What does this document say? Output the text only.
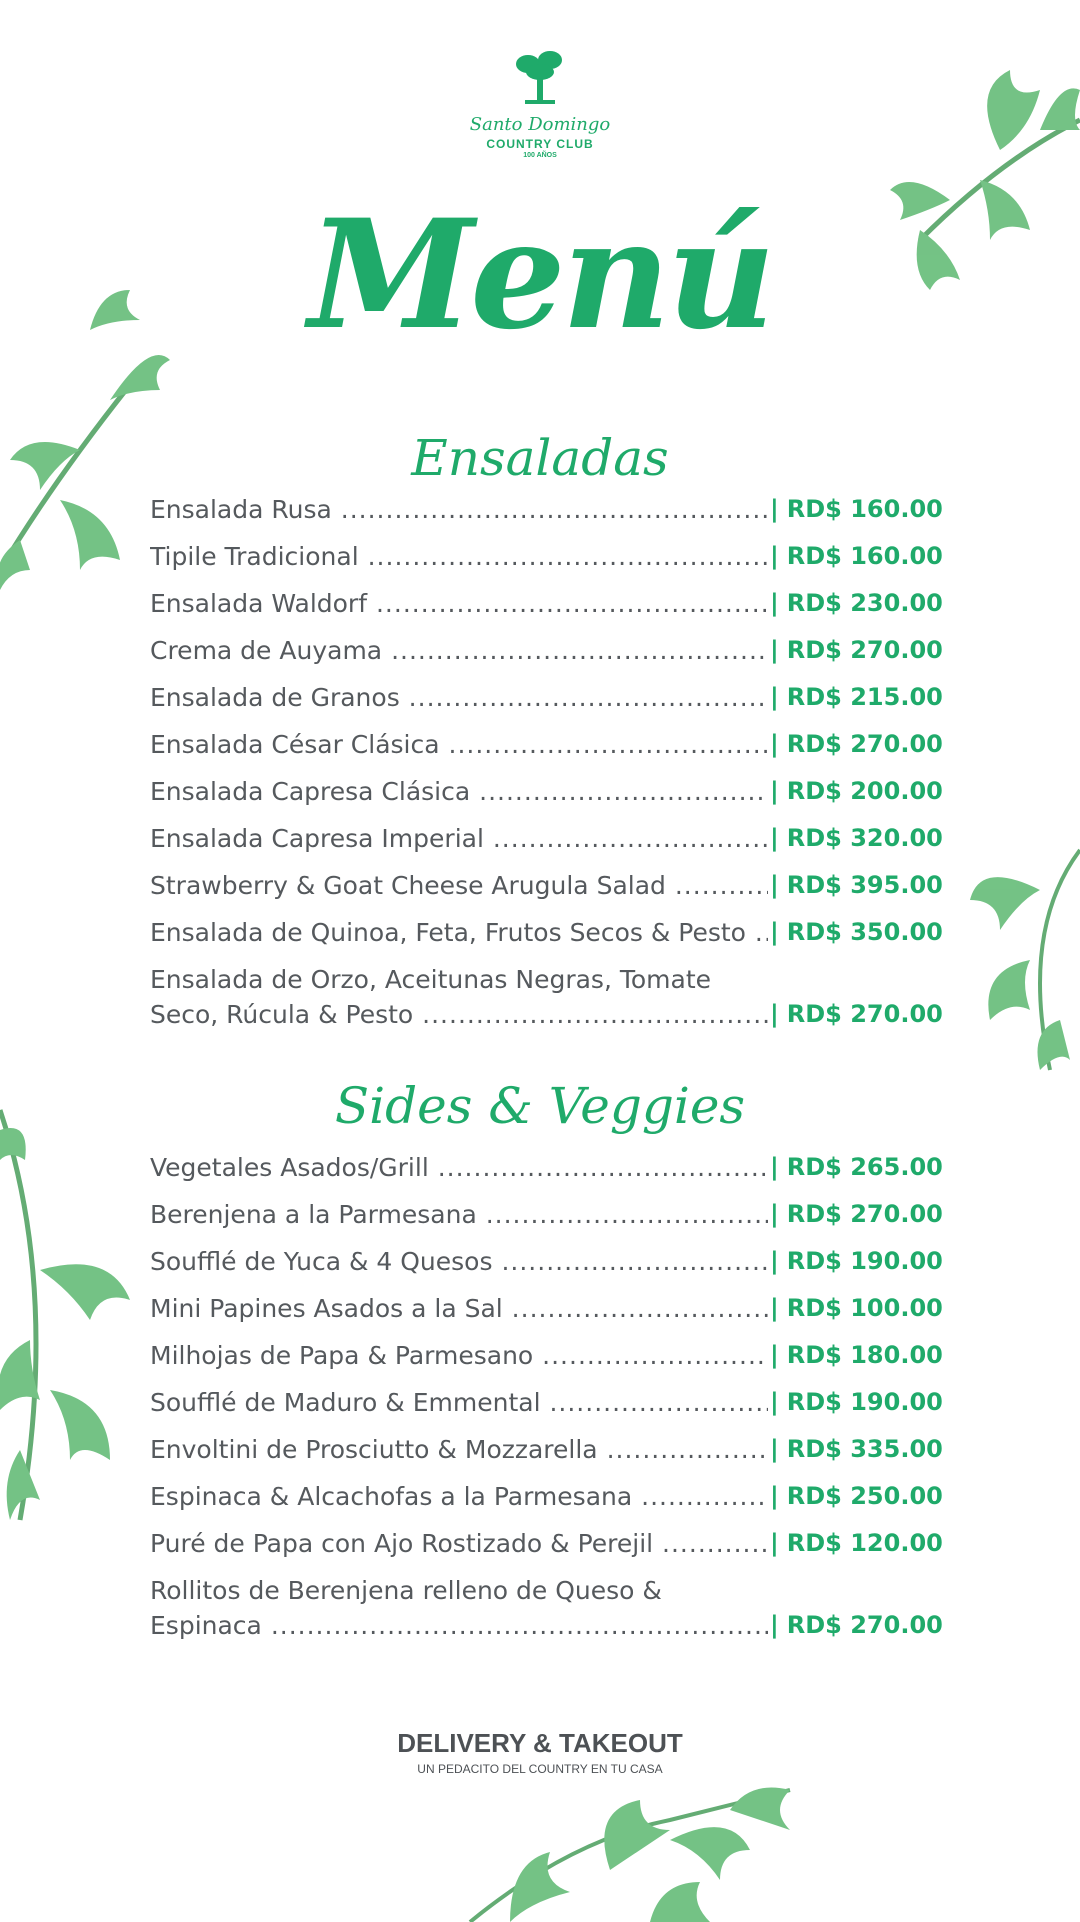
Santo Domingo
COUNTRY CLUB
100 AÑOS
Menú
Ensaladas
Ensalada Rusa .....	| RD$ 160.00
Tipile Tradicional .....	| RD$ 160.00
Ensalada Waldorf .....	| RD$ 230.00
Crema de Auyama .....	| RD$ 270.00
Ensalada de Granos .....	| RD$ 215.00
Ensalada César Clásica .....	| RD$ 270.00
Ensalada Capresa Clásica .....	| RD$ 200.00
Ensalada Capresa Imperial .....	| RD$ 320.00
Strawberry & Goat Cheese Arugula Salad .....	| RD$ 395.00
Ensalada de Quinoa, Feta, Frutos Secos & Pesto .....	| RD$ 350.00
Ensalada de Orzo, Aceitunas Negras, Tomate
Seco, Rúcula & Pesto .....	| RD$ 270.00
Sides & Veggies
Vegetales Asados/Grill .....	| RD$ 265.00
Berenjena a la Parmesana .....	| RD$ 270.00
Soufflé de Yuca & 4 Quesos .....	| RD$ 190.00
Mini Papines Asados a la Sal .....	| RD$ 100.00
Milhojas de Papa & Parmesano .....	| RD$ 180.00
Soufflé de Maduro & Emmental .....	| RD$ 190.00
Envoltini de Prosciutto & Mozzarella .....	| RD$ 335.00
Espinaca & Alcachofas a la Parmesana .....	| RD$ 250.00
Puré de Papa con Ajo Rostizado & Perejil .....	| RD$ 120.00
Rollitos de Berenjena relleno de Queso &
Espinaca .....	| RD$ 270.00
DELIVERY & TAKEOUT
UN PEDACITO DEL COUNTRY EN TU CASA
